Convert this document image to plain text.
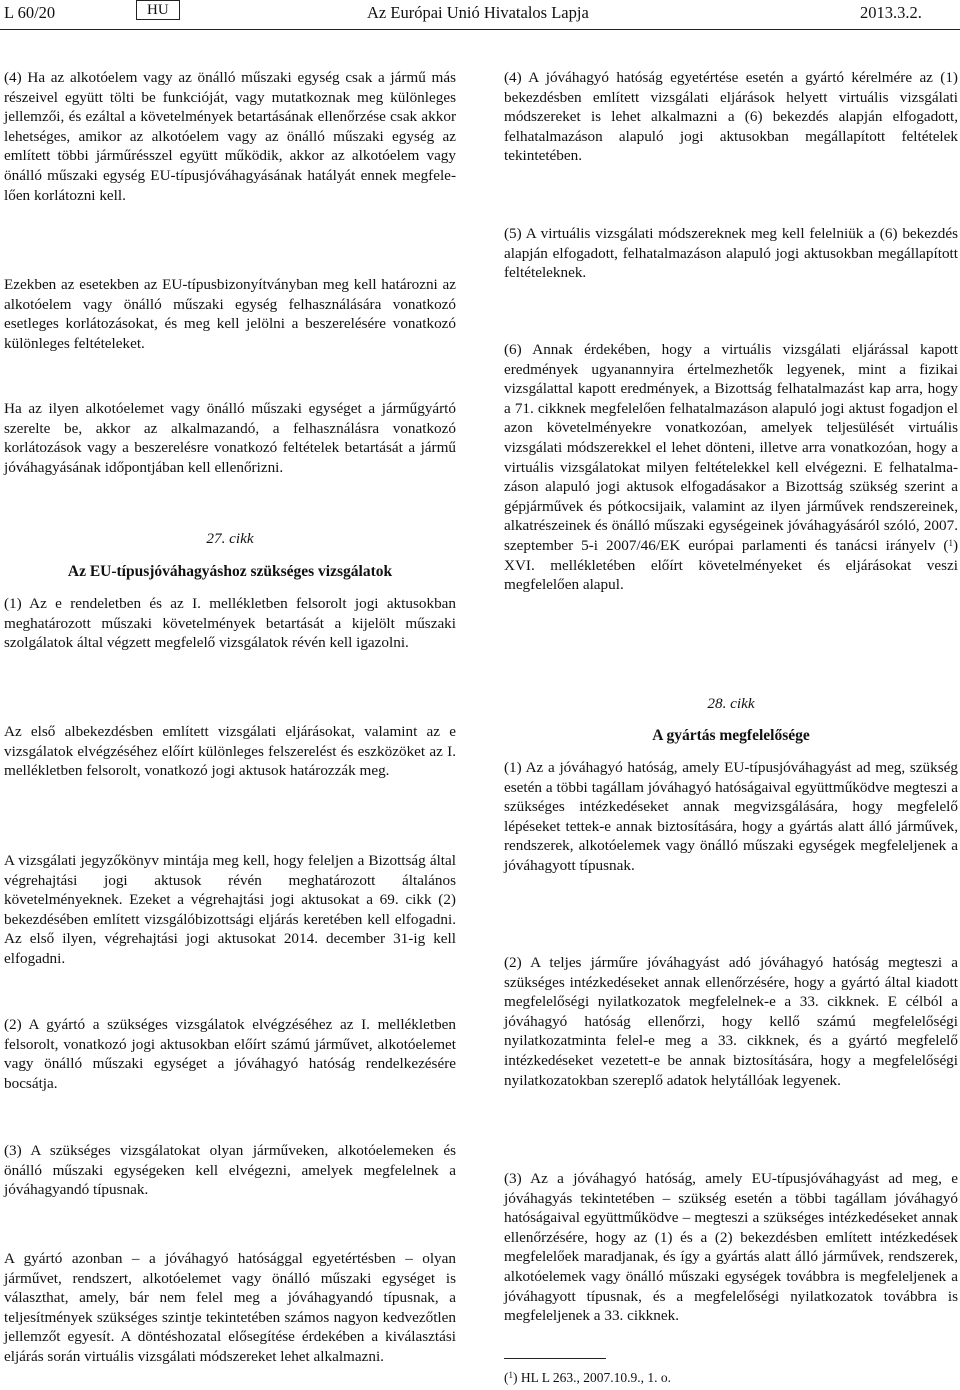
L 60/20	HU	Az Európai Unió Hivatalos Lapja	2013.3.2.

(4) Ha az alkotóelem vagy az önálló műszaki egység csak a jármű más részeivel együtt tölti be funkcióját, vagy mutatkoznak meg különleges jellemzői, és ezáltal a követelmények betartásának ellenőrzése csak akkor lehetséges, amikor az alkotóelem vagy az önálló műszaki egység az említett többi járműrésszel együtt működik, akkor az alkotóelem vagy önálló műszaki egység EU-típusjóváhagyásának hatályát ennek megfelelően korlátozni kell.

Ezekben az esetekben az EU-típusbizonyítványban meg kell határozni az alkotóelem vagy önálló műszaki egység felhasználására vonatkozó esetleges korlátozásokat, és meg kell jelölni a beszerelésére vonatkozó különleges feltételeket.

Ha az ilyen alkotóelemet vagy önálló műszaki egységet a járműgyártó szerelte be, akkor az alkalmazandó, a felhasználásra vonatkozó korlátozások vagy a beszerelésre vonatkozó feltételek betartását a jármű jóváhagyásának időpontjában kell ellenőrizni.

27. cikk

Az EU-típusjóváhagyáshoz szükséges vizsgálatok

(1) Az e rendeletben és az I. mellékletben felsorolt jogi aktusokban meghatározott műszaki követelmények betartását a kijelölt műszaki szolgálatok által végzett megfelelő vizsgálatok révén kell igazolni.

Az első albekezdésben említett vizsgálati eljárásokat, valamint az e vizsgálatok elvégzéséhez előírt különleges felszerelést és eszközöket az I. mellékletben felsorolt, vonatkozó jogi aktusok határozzák meg.

A vizsgálati jegyzőkönyv mintája meg kell, hogy feleljen a Bizottság által végrehajtási jogi aktusok révén meghatározott általános követelményeknek. Ezeket a végrehajtási jogi aktusokat a 69. cikk (2) bekezdésében említett vizsgálóbizottsági eljárás keretében kell elfogadni. Az első ilyen, végrehajtási jogi aktusokat 2014. december 31-ig kell elfogadni.

(2) A gyártó a szükséges vizsgálatok elvégzéséhez az I. mellékletben felsorolt, vonatkozó jogi aktusokban előírt számú járművet, alkotóelemet vagy önálló műszaki egységet a jóváhagyó hatóság rendelkezésére bocsátja.

(3) A szükséges vizsgálatokat olyan járműveken, alkotóelemeken és önálló műszaki egységeken kell elvégezni, amelyek megfelelnek a jóváhagyandó típusnak.

A gyártó azonban – a jóváhagyó hatósággal egyetértésben – olyan járművet, rendszert, alkotóelemet vagy önálló műszaki egységet is választhat, amely, bár nem felel meg a jóváhagyandó típusnak, a teljesítmények szükséges szintje tekintetében számos nagyon kedvezőtlen jellemzőt egyesít. A döntéshozatal elősegítése érdekében a kiválasztási eljárás során virtuális vizsgálati módszereket lehet alkalmazni.

(4) A jóváhagyó hatóság egyetértése esetén a gyártó kérelmére az (1) bekezdésben említett vizsgálati eljárások helyett virtuális vizsgálati módszereket is lehet alkalmazni a (6) bekezdés alapján elfogadott, felhatalmazáson alapuló jogi aktusokban megállapított feltételek tekintetében.

(5) A virtuális vizsgálati módszereknek meg kell felelniük a (6) bekezdés alapján elfogadott, felhatalmazáson alapuló jogi aktusokban megállapított feltételeknek.

(6) Annak érdekében, hogy a virtuális vizsgálati eljárással kapott eredmények ugyanannyira értelmezhetők legyenek, mint a fizikai vizsgálattal kapott eredmények, a Bizottság felhatalmazást kap arra, hogy a 71. cikknek megfelelően felhatalmazáson alapuló jogi aktust fogadjon el azon követelményekre vonatkozóan, amelyek teljesülését virtuális vizsgálati módszerekkel el lehet dönteni, illetve arra vonatkozóan, hogy a virtuális vizsgálatokat milyen feltételekkel kell elvégezni. E felhatalmazáson alapuló jogi aktusok elfogadásakor a Bizottság szükség szerint a gépjárművek és pótkocsijaik, valamint az ilyen járművek rendszereinek, alkatrészeinek és önálló műszaki egységeinek jóváhagyásáról szóló, 2007. szeptember 5-i 2007/46/EK európai parlamenti és tanácsi irányelv ($^1$) XVI. mellékletében előírt követelményeket és eljárásokat veszi megfelelően alapul.

28. cikk

A gyártás megfelelősége

(1) Az a jóváhagyó hatóság, amely EU-típusjóváhagyást ad meg, szükség esetén a többi tagállam jóváhagyó hatóságaival együttműködve megteszi a szükséges intézkedéseket annak megvizsgálására, hogy megfelelő lépéseket tettek-e annak biztosítására, hogy a gyártás alatt álló járművek, rendszerek, alkotóelemek vagy önálló műszaki egységek megfeleljenek a jóváhagyott típusnak.

(2) A teljes járműre jóváhagyást adó jóváhagyó hatóság megteszi a szükséges intézkedéseket annak ellenőrzésére, hogy a gyártó által kiadott megfelelőségi nyilatkozatok megfelelnek-e a 33. cikknek. E célból a jóváhagyó hatóság ellenőrzi, hogy kellő számú megfelelőségi nyilatkozatminta felel-e meg a 33. cikknek, és a gyártó megfelelő intézkedéseket vezetett-e be annak biztosítására, hogy a megfelelőségi nyilatkozatokban szereplő adatok helytállóak legyenek.

(3) Az a jóváhagyó hatóság, amely EU-típusjóváhagyást ad meg, e jóváhagyás tekintetében – szükség esetén a többi tagállam jóváhagyó hatóságaival együttműködve – megteszi a szükséges intézkedéseket annak ellenőrzésére, hogy az (1) és a (2) bekezdésben említett intézkedések megfelelőek maradjanak, és így a gyártás alatt álló járművek, rendszerek, alkotóelemek vagy önálló műszaki egységek továbbra is megfeleljenek a jóváhagyott típusnak, és a megfelelőségi nyilatkozatok továbbra is megfeleljenek a 33. cikknek.

($^1$) HL L 263., 2007.10.9., 1. o.
